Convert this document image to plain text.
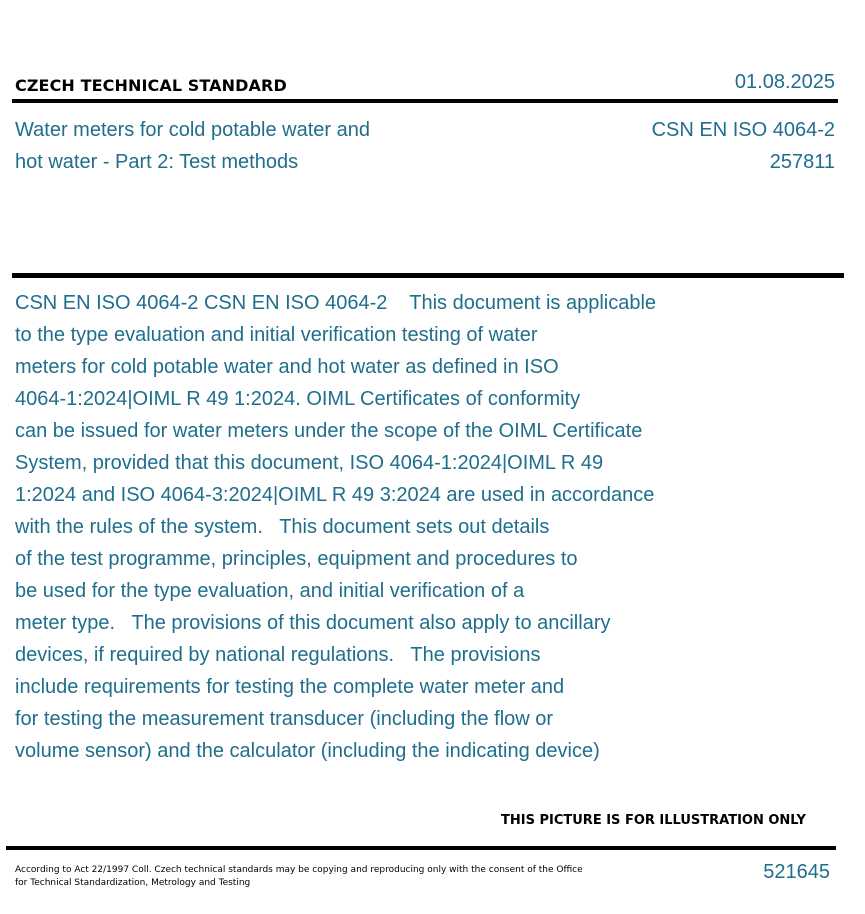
CZECH TECHNICAL STANDARD	01.08.2025
Water meters for cold potable water and
hot water - Part 2: Test methods
CSN EN ISO 4064-2
257811
CSN EN ISO 4064-2 CSN EN ISO 4064-2    This document is applicable
to the type evaluation and initial verification testing of water
meters for cold potable water and hot water as defined in ISO
4064-1:2024|OIML R 49 1:2024. OIML Certificates of conformity
can be issued for water meters under the scope of the OIML Certificate
System, provided that this document, ISO 4064-1:2024|OIML R 49
1:2024 and ISO 4064-3:2024|OIML R 49 3:2024 are used in accordance
with the rules of the system.   This document sets out details
of the test programme, principles, equipment and procedures to
be used for the type evaluation, and initial verification of a
meter type.   The provisions of this document also apply to ancillary
devices, if required by national regulations.   The provisions
include requirements for testing the complete water meter and
for testing the measurement transducer (including the flow or
volume sensor) and the calculator (including the indicating device)
THIS PICTURE IS FOR ILLUSTRATION ONLY
According to Act 22/1997 Coll. Czech technical standards may be copying and reproducing only with the consent of the Office
for Technical Standardization, Metrology and Testing	521645
